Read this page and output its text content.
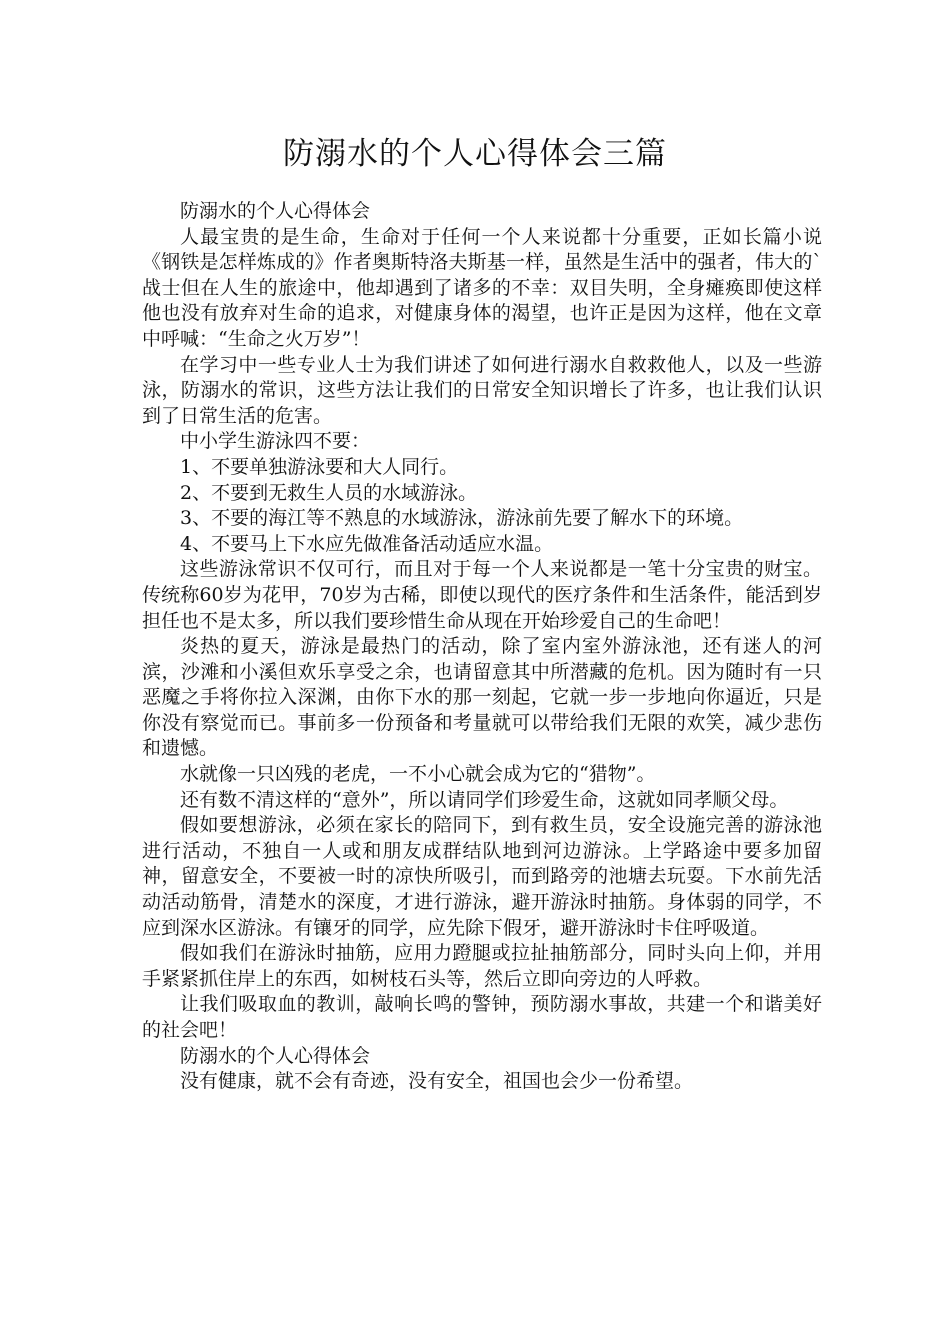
防溺水的个人心得体会三篇

防溺水的个人心得体会

人最宝贵的是生命，生命对于任何一个人来说都十分重要，正如长篇小说《钢铁是怎样炼成的》作者奥斯特洛夫斯基一样，虽然是生活中的强者，伟大的`战士但在人生的旅途中，他却遇到了诸多的不幸：双目失明，全身瘫痪即使这样他也没有放弃对生命的追求，对健康身体的渴望，也许正是因为这样，他在文章中呼喊：“生命之火万岁”！

在学习中一些专业人士为我们讲述了如何进行溺水自救救他人，以及一些游泳，防溺水的常识，这些方法让我们的日常安全知识增长了许多，也让我们认识到了日常生活的危害。

中小学生游泳四不要：

1、不要单独游泳要和大人同行。

2、不要到无救生人员的水域游泳。

3、不要的海江等不熟息的水域游泳，游泳前先要了解水下的环境。

4、不要马上下水应先做准备活动适应水温。

这些游泳常识不仅可行，而且对于每一个人来说都是一笔十分宝贵的财宝。传统称60岁为花甲，70岁为古稀，即使以现代的医疗条件和生活条件，能活到岁担任也不是太多，所以我们要珍惜生命从现在开始珍爱自己的生命吧！

炎热的夏天，游泳是最热门的活动，除了室内室外游泳池，还有迷人的河滨，沙滩和小溪但欢乐享受之余，也请留意其中所潜藏的危机。因为随时有一只恶魔之手将你拉入深渊，由你下水的那一刻起，它就一步一步地向你逼近，只是你没有察觉而已。事前多一份预备和考量就可以带给我们无限的欢笑，减少悲伤和遗憾。

水就像一只凶残的老虎，一不小心就会成为它的“猎物”。

还有数不清这样的“意外”，所以请同学们珍爱生命，这就如同孝顺父母。

假如要想游泳，必须在家长的陪同下，到有救生员，安全设施完善的游泳池进行活动，不独自一人或和朋友成群结队地到河边游泳。上学路途中要多加留神，留意安全，不要被一时的凉快所吸引，而到路旁的池塘去玩耍。下水前先活动活动筋骨，清楚水的深度，才进行游泳，避开游泳时抽筋。身体弱的同学，不应到深水区游泳。有镶牙的同学，应先除下假牙，避开游泳时卡住呼吸道。

假如我们在游泳时抽筋，应用力蹬腿或拉扯抽筋部分，同时头向上仰，并用手紧紧抓住岸上的东西，如树枝石头等，然后立即向旁边的人呼救。

让我们吸取血的教训，敲响长鸣的警钟，预防溺水事故，共建一个和谐美好的社会吧！

防溺水的个人心得体会

没有健康，就不会有奇迹，没有安全，祖国也会少一份希望。
